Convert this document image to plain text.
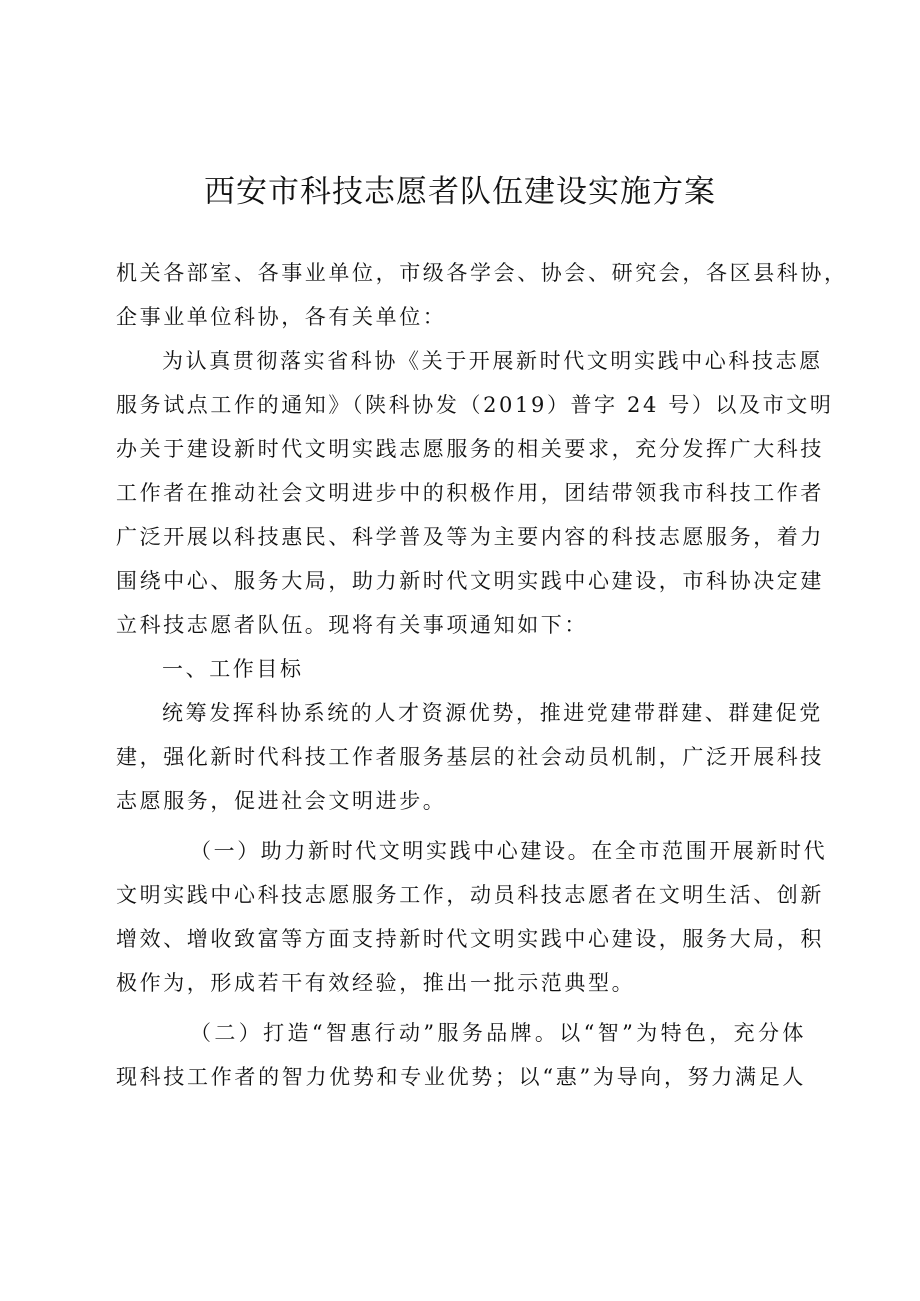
西安市科技志愿者队伍建设实施方案

机关各部室、各事业单位，市级各学会、协会、研究会，各区县科协，
企事业单位科协，各有关单位：

为认真贯彻落实省科协《关于开展新时代文明实践中心科技志愿
服务试点工作的通知》（陕科协发（2019）普字 24 号）以及市文明
办关于建设新时代文明实践志愿服务的相关要求，充分发挥广大科技
工作者在推动社会文明进步中的积极作用，团结带领我市科技工作者
广泛开展以科技惠民、科学普及等为主要内容的科技志愿服务，着力
围绕中心、服务大局，助力新时代文明实践中心建设，市科协决定建
立科技志愿者队伍。现将有关事项通知如下：

一、工作目标

统筹发挥科协系统的人才资源优势，推进党建带群建、群建促党
建，强化新时代科技工作者服务基层的社会动员机制，广泛开展科技
志愿服务，促进社会文明进步。

（一）助力新时代文明实践中心建设。在全市范围开展新时代
文明实践中心科技志愿服务工作，动员科技志愿者在文明生活、创新
增效、增收致富等方面支持新时代文明实践中心建设，服务大局，积
极作为，形成若干有效经验，推出一批示范典型。

（二）打造“智惠行动”服务品牌。以“智”为特色，充分体
现科技工作者的智力优势和专业优势；以“惠”为导向，努力满足人
